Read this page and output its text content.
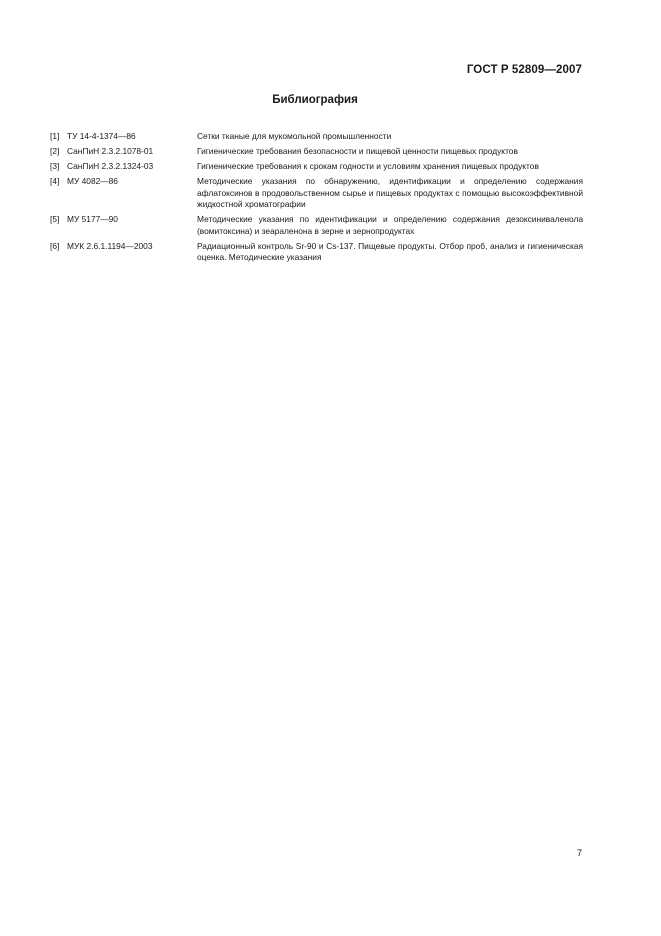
ГОСТ Р 52809—2007
Библиография
[1] ТУ 14-4-1374—86	Сетки тканые для мукомольной промышленности
[2] СанПиН 2.3.2.1078-01	Гигиенические требования безопасности и пищевой ценности пищевых продуктов
[3] СанПиН 2.3.2.1324-03	Гигиенические требования к срокам годности и условиям хранения пищевых продуктов
[4] МУ 4082—86	Методические указания по обнаружению, идентификации и определению содержания афлатоксинов в продовольственном сырье и пищевых продуктах с помощью высокоэффективной жидкостной хроматографии
[5] МУ 5177—90	Методические указания по идентификации и определению содержания дезоксиниваленола (вомитоксина) и зеараленона в зерне и зернопродуктах
[6] МУК 2.6.1.1194—2003	Радиационный контроль Sr-90 и Cs-137. Пищевые продукты. Отбор проб, анализ и гигиеническая оценка. Методические указания
7
